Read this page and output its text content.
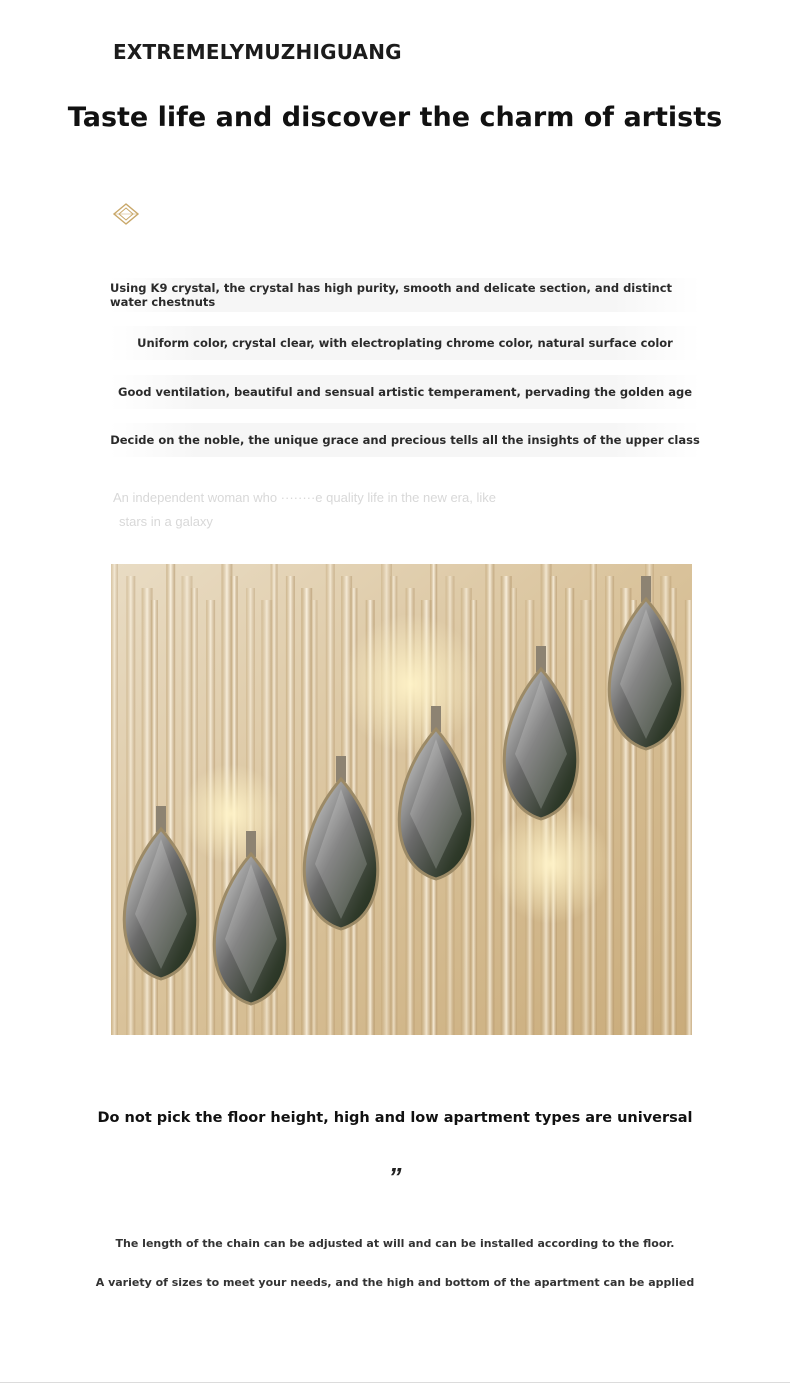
EXTREMELYMUZHIGUANG
Taste life and discover the charm of artists
Using K9 crystal, the crystal has high purity, smooth and delicate section, and distinct water chestnuts
Uniform color, crystal clear, with electroplating chrome color, natural surface color
Good ventilation, beautiful and sensual artistic temperament, pervading the golden age
Decide on the noble, the unique grace and precious tells all the insights of the upper class
An independent woman who ········e quality life in the new era, like
stars in a galaxy
Do not pick the floor height, high and low apartment types are universal
”
The length of the chain can be adjusted at will and can be installed according to the floor.
A variety of sizes to meet your needs, and the high and bottom of the apartment can be applied
